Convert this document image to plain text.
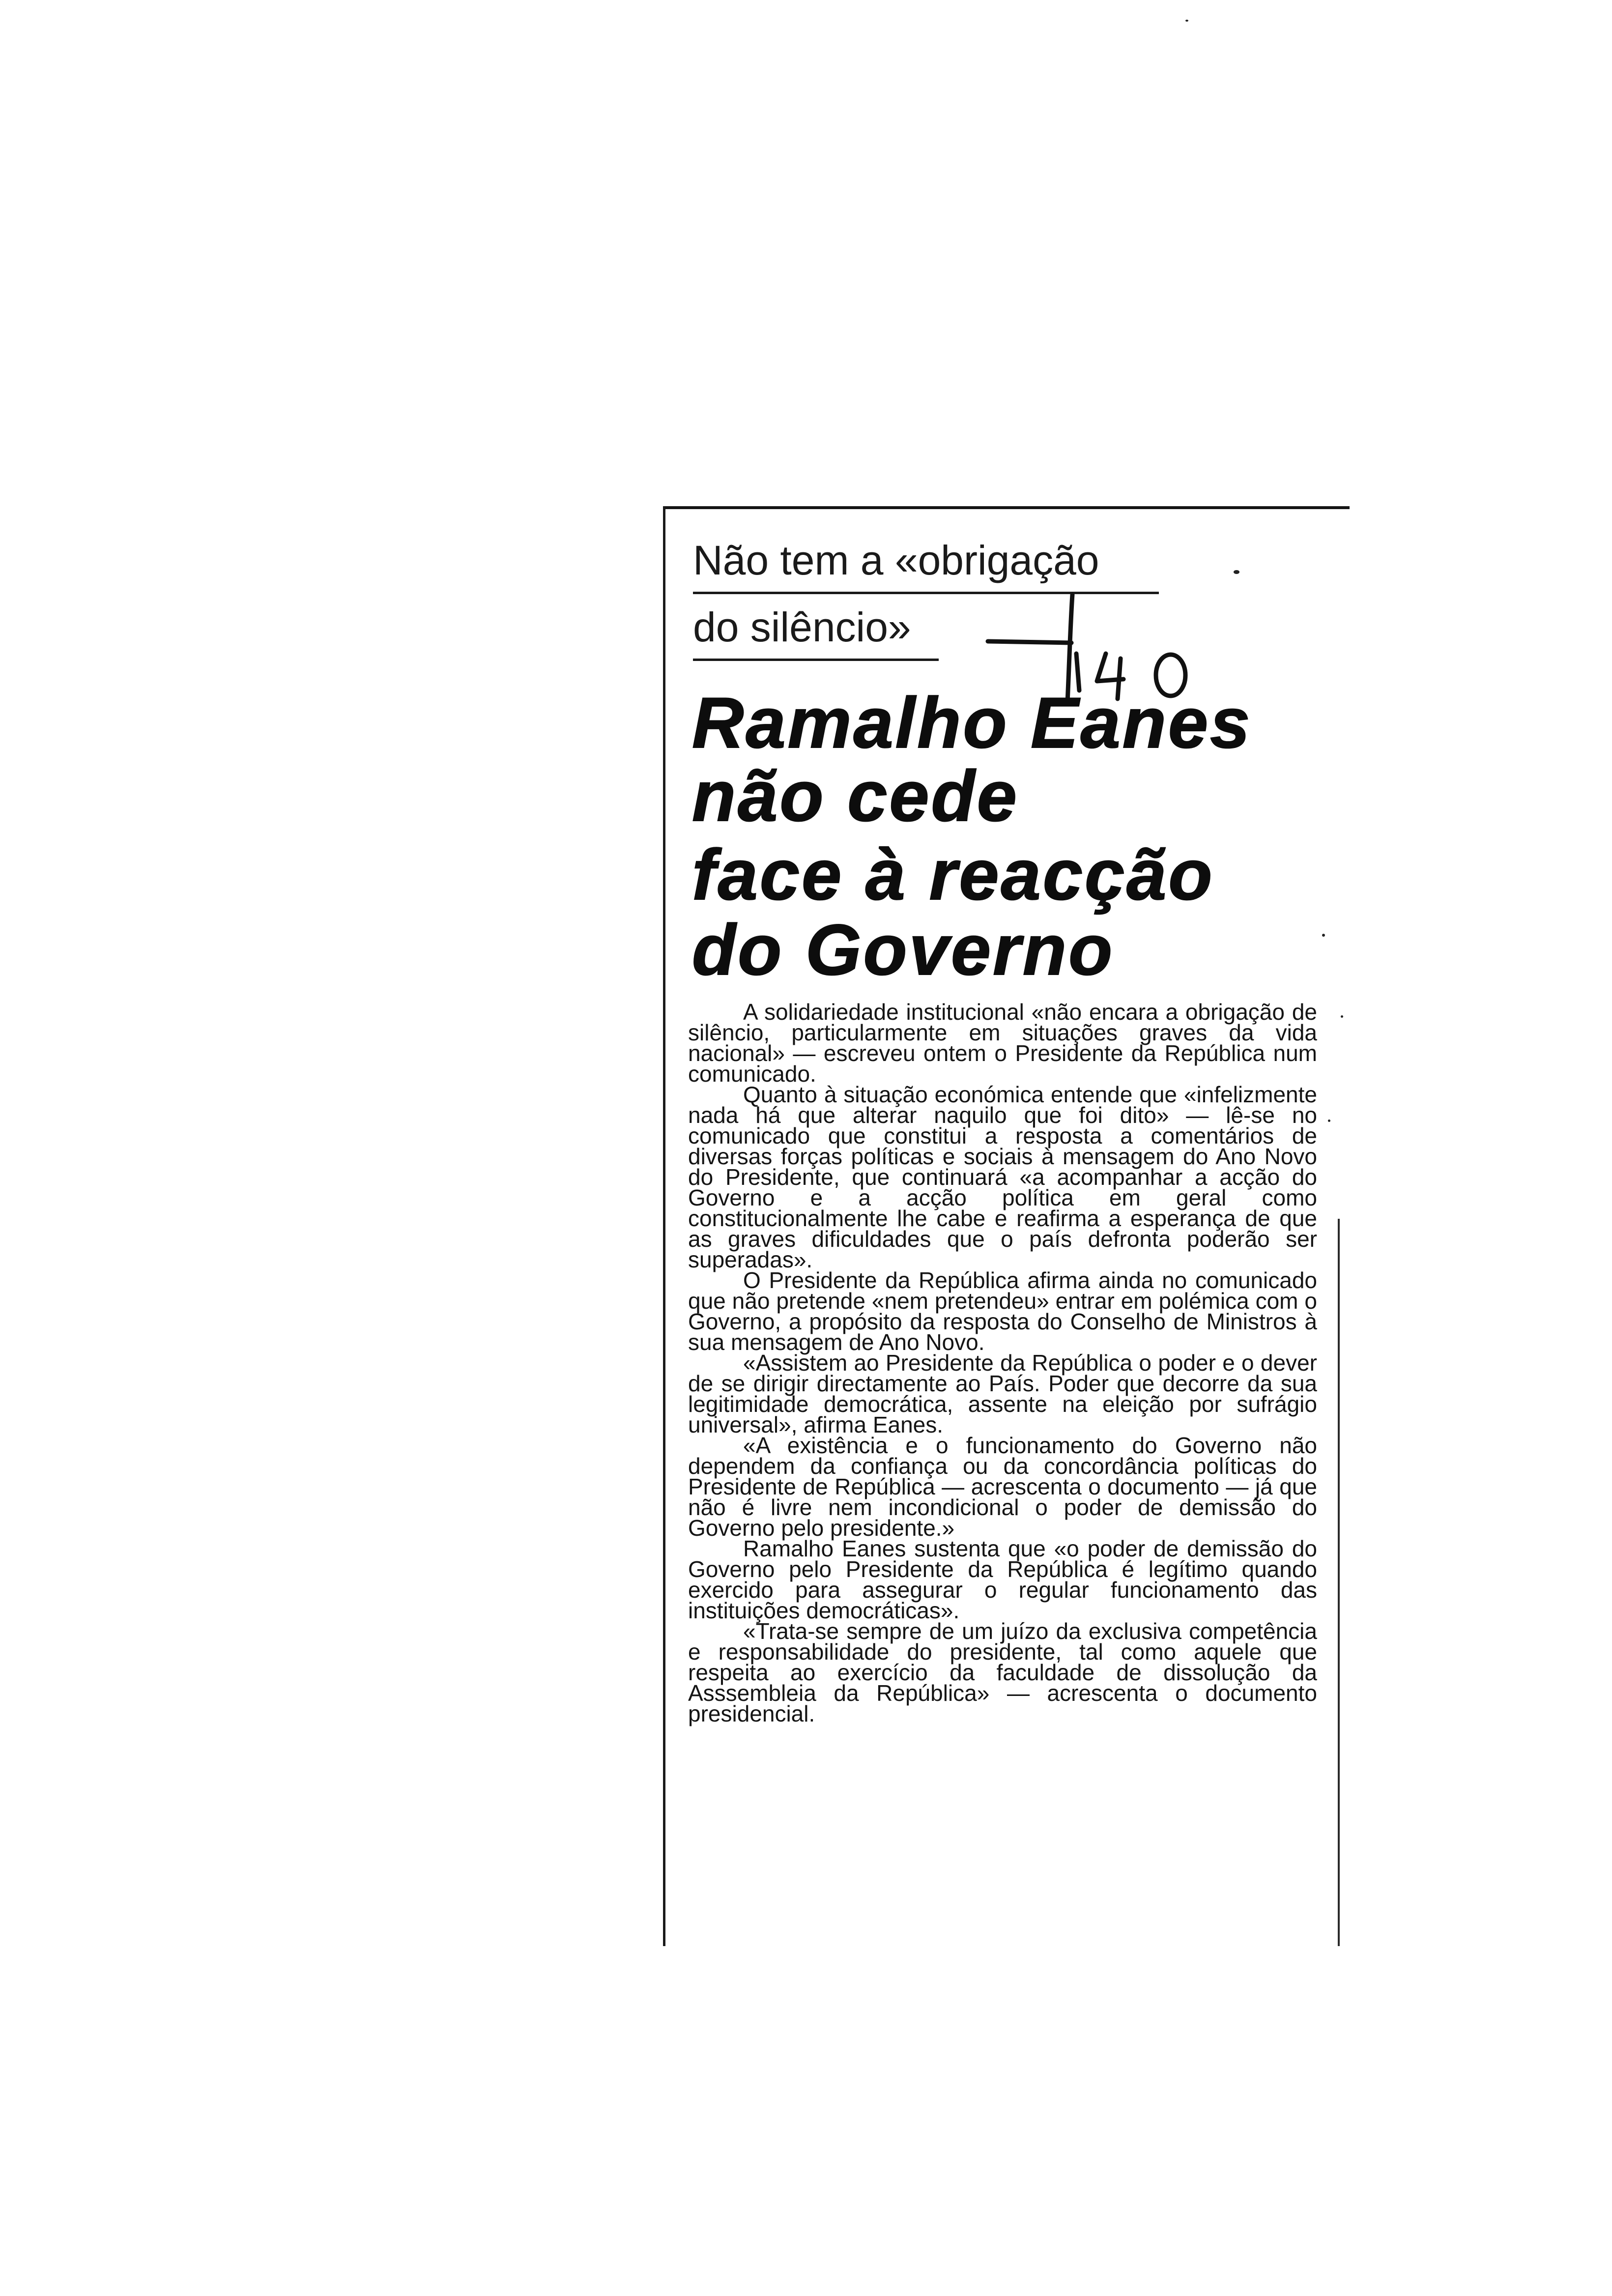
Não tem a «obrigação
do silêncio»
Ramalho Eanes
não cede
face à reacção
do Governo

A solidariedade institucional «não encara a obrigação de silêncio, particularmente em situações graves da vida nacional» — escreveu ontem o Presidente da República num comunicado.

Quanto à situação económica entende que «infelizmente nada há que alterar naquilo que foi dito» — lê-se no comunicado que constitui a resposta a comentários de diversas forças políticas e sociais à mensagem do Ano Novo do Presidente, que continuará «a acompanhar a acção do Governo e a acção política em geral como constitucionalmente lhe cabe e reafirma a esperança de que as graves dificuldades que o país defronta poderão ser superadas».

O Presidente da República afirma ainda no comunicado que não pretende «nem pretendeu» entrar em polémica com o Governo, a propósito da resposta do Conselho de Ministros à sua mensagem de Ano Novo.

«Assistem ao Presidente da República o poder e o dever de se dirigir directamente ao País. Poder que decorre da sua legitimidade democrática, assente na eleição por sufrágio universal», afirma Eanes.

«A existência e o funcionamento do Governo não dependem da confiança ou da concordância políticas do Presidente de República — acrescenta o documento — já que não é livre nem incondicional o poder de demissão do Governo pelo presidente.»

Ramalho Eanes sustenta que «o poder de demissão do Governo pelo Presidente da República é legítimo quando exercido para assegurar o regular funcionamento das instituições democráticas».

«Trata-se sempre de um juízo da exclusiva competência e responsabilidade do presidente, tal como aquele que respeita ao exercício da faculdade de dissolução da Asssembleia da República» — acrescenta o documento presidencial.
